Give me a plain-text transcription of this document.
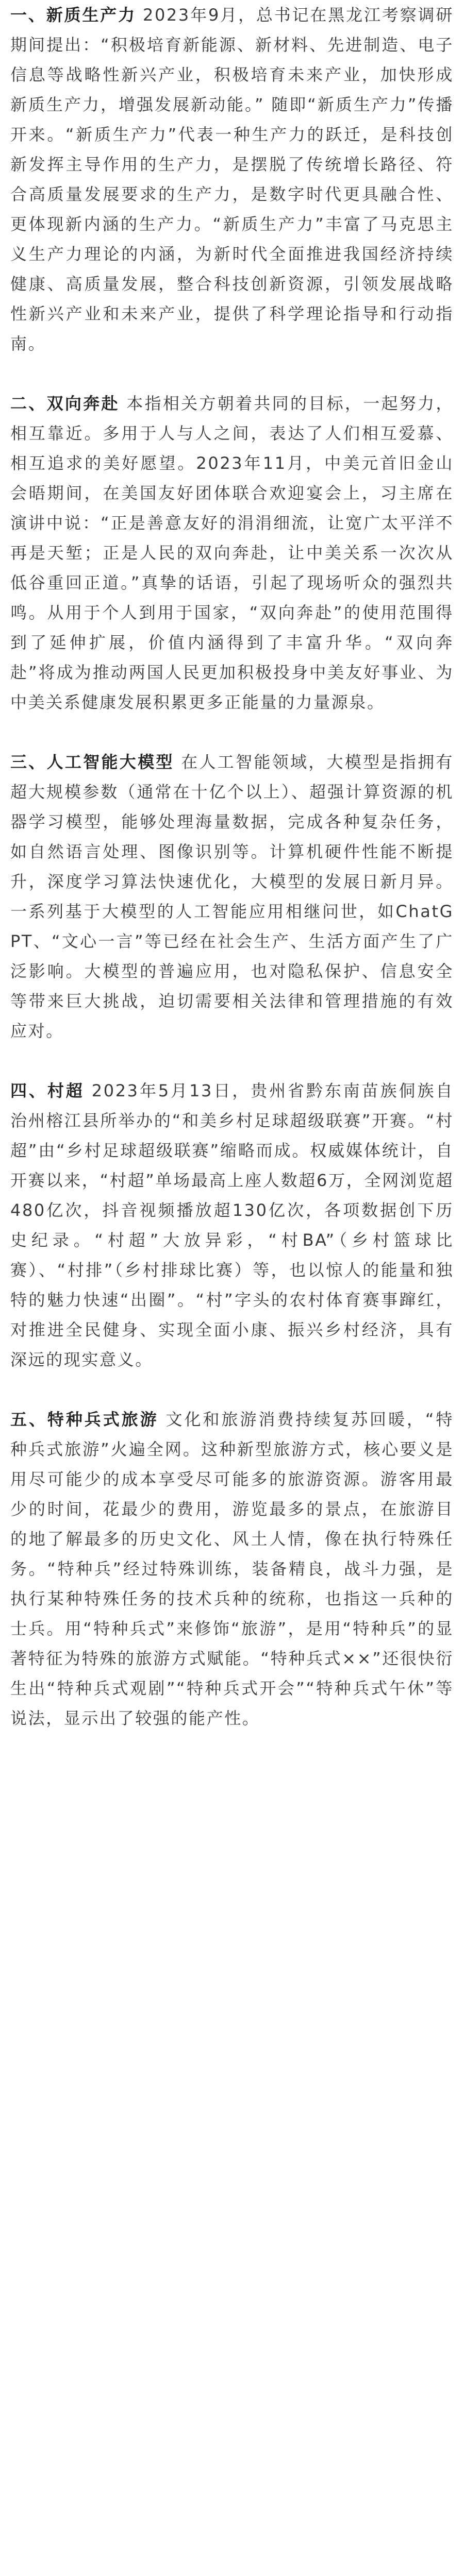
一、新质生产力 2023年9月，总书记在黑龙江考察调研期间提出：“积极培育新能源、新材料、先进制造、电子信息等战略性新兴产业，积极培育未来产业，加快形成新质生产力，增强发展新动能。” 随即“新质生产力”传播开来。“新质生产力”代表一种生产力的跃迁，是科技创新发挥主导作用的生产力，是摆脱了传统增长路径、符合高质量发展要求的生产力，是数字时代更具融合性、更体现新内涵的生产力。“新质生产力”丰富了马克思主义生产力理论的内涵，为新时代全面推进我国经济持续健康、高质量发展，整合科技创新资源，引领发展战略性新兴产业和未来产业，提供了科学理论指导和行动指南。

二、双向奔赴 本指相关方朝着共同的目标，一起努力，相互靠近。多用于人与人之间，表达了人们相互爱慕、相互追求的美好愿望。2023年11月，中美元首旧金山会晤期间，在美国友好团体联合欢迎宴会上，习主席在演讲中说：“正是善意友好的涓涓细流，让宽广太平洋不再是天堑；正是人民的双向奔赴，让中美关系一次次从低谷重回正道。”真挚的话语，引起了现场听众的强烈共鸣。从用于个人到用于国家，“双向奔赴”的使用范围得到了延伸扩展，价值内涵得到了丰富升华。“双向奔赴”将成为推动两国人民更加积极投身中美友好事业、为中美关系健康发展积累更多正能量的力量源泉。

三、人工智能大模型 在人工智能领域，大模型是指拥有超大规模参数（通常在十亿个以上）、超强计算资源的机器学习模型，能够处理海量数据，完成各种复杂任务，如自然语言处理、图像识别等。计算机硬件性能不断提升，深度学习算法快速优化，大模型的发展日新月异。一系列基于大模型的人工智能应用相继问世，如ChatGPT、“文心一言”等已经在社会生产、生活方面产生了广泛影响。大模型的普遍应用，也对隐私保护、信息安全等带来巨大挑战，迫切需要相关法律和管理措施的有效应对。

四、村超 2023年5月13日，贵州省黔东南苗族侗族自治州榕江县所举办的“和美乡村足球超级联赛”开赛。“村超”由“乡村足球超级联赛”缩略而成。权威媒体统计，自开赛以来，“村超”单场最高上座人数超6万，全网浏览超480亿次，抖音视频播放超130亿次，各项数据创下历史纪录。“村超”大放异彩，“村BA”（乡村篮球比赛）、“村排”（乡村排球比赛）等，也以惊人的能量和独特的魅力快速“出圈”。“村”字头的农村体育赛事蹿红，对推进全民健身、实现全面小康、振兴乡村经济，具有深远的现实意义。

五、特种兵式旅游 文化和旅游消费持续复苏回暖，“特种兵式旅游”火遍全网。这种新型旅游方式，核心要义是用尽可能少的成本享受尽可能多的旅游资源。游客用最少的时间，花最少的费用，游览最多的景点，在旅游目的地了解最多的历史文化、风土人情，像在执行特殊任务。“特种兵”经过特殊训练，装备精良，战斗力强，是执行某种特殊任务的技术兵种的统称，也指这一兵种的士兵。用“特种兵式”来修饰“旅游”，是用“特种兵”的显著特征为特殊的旅游方式赋能。“特种兵式××”还很快衍生出“特种兵式观剧”“特种兵式开会”“特种兵式午休”等说法，显示出了较强的能产性。
